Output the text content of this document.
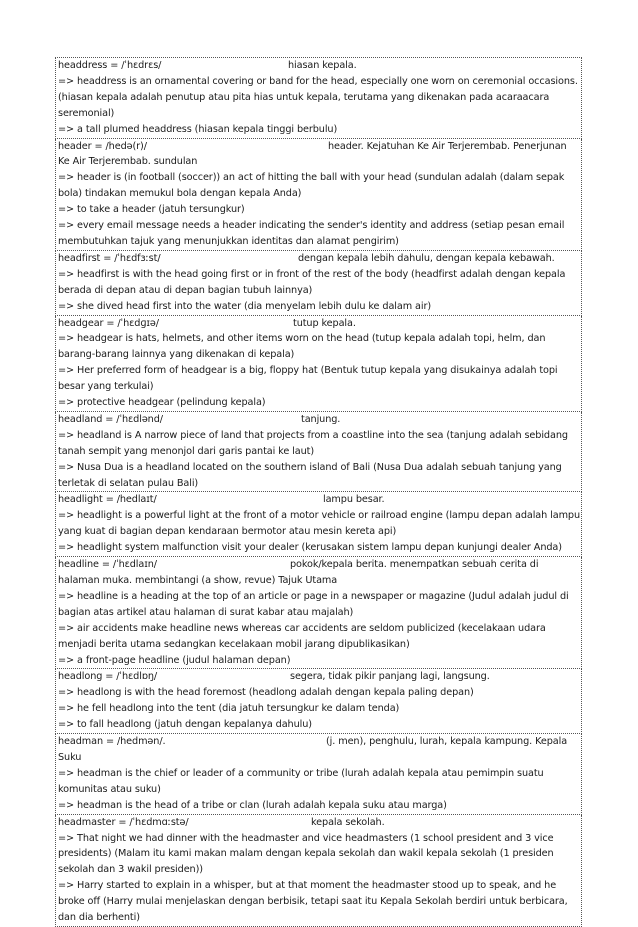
headdress = /ˈhɛdrɛs/	hiasan kepala.
=> headdress is an ornamental covering or band for the head, especially one worn on ceremonial occasions. (hiasan kepala adalah penutup atau pita hias untuk kepala, terutama yang dikenakan pada acaraacara seremonial)
=> a tall plumed headdress (hiasan kepala tinggi berbulu)
header = /hedə(r)/	header. Kejatuhan Ke Air Terjerembab. Penerjunan Ke Air Terjerembab. sundulan
=> header is (in football (soccer)) an act of hitting the ball with your head (sundulan adalah (dalam sepak bola) tindakan memukul bola dengan kepala Anda)
=> to take a header (jatuh tersungkur)
=> every email message needs a header indicating the sender's identity and address (setiap pesan email membutuhkan tajuk yang menunjukkan identitas dan alamat pengirim)
headfirst = /ˈhɛdfɜːst/	dengan kepala lebih dahulu, dengan kepala kebawah.
=> headfirst is with the head going first or in front of the rest of the body (headfirst adalah dengan kepala berada di depan atau di depan bagian tubuh lainnya)
=> she dived head first into the water (dia menyelam lebih dulu ke dalam air)
headgear = /ˈhɛdɡɪə/	tutup kepala.
=> headgear is hats, helmets, and other items worn on the head (tutup kepala adalah topi, helm, dan barang-barang lainnya yang dikenakan di kepala)
=> Her preferred form of headgear is a big, floppy hat (Bentuk tutup kepala yang disukainya adalah topi besar yang terkulai)
=> protective headgear (pelindung kepala)
headland = /ˈhɛdlənd/	tanjung.
=> headland is A narrow piece of land that projects from a coastline into the sea (tanjung adalah sebidang tanah sempit yang menonjol dari garis pantai ke laut)
=> Nusa Dua is a headland located on the southern island of Bali (Nusa Dua adalah sebuah tanjung yang terletak di selatan pulau Bali)
headlight = /hedlaɪt/	lampu besar.
=> headlight is a powerful light at the front of a motor vehicle or railroad engine (lampu depan adalah lampu yang kuat di bagian depan kendaraan bermotor atau mesin kereta api)
=> headlight system malfunction visit your dealer (kerusakan sistem lampu depan kunjungi dealer Anda)
headline = /ˈhɛdlaɪn/	pokok/kepala berita. menempatkan sebuah cerita di halaman muka. membintangi (a show, revue) Tajuk Utama
=> headline is a heading at the top of an article or page in a newspaper or magazine (Judul adalah judul di bagian atas artikel atau halaman di surat kabar atau majalah)
=> air accidents make headline news whereas car accidents are seldom publicized (kecelakaan udara menjadi berita utama sedangkan kecelakaan mobil jarang dipublikasikan)
=> a front-page headline (judul halaman depan)
headlong = /ˈhɛdlɒŋ/	segera, tidak pikir panjang lagi, langsung.
=> headlong is with the head foremost (headlong adalah dengan kepala paling depan)
=> he fell headlong into the tent (dia jatuh tersungkur ke dalam tenda)
=> to fall headlong (jatuh dengan kepalanya dahulu)
headman = /hedmən/.	(j. men), penghulu, lurah, kepala kampung. Kepala Suku
=> headman is the chief or leader of a community or tribe (lurah adalah kepala atau pemimpin suatu komunitas atau suku)
=> headman is the head of a tribe or clan (lurah adalah kepala suku atau marga)
headmaster = /ˈhɛdmɑːstə/	kepala sekolah.
=> That night we had dinner with the headmaster and vice headmasters (1 school president and 3 vice presidents) (Malam itu kami makan malam dengan kepala sekolah dan wakil kepala sekolah (1 presiden sekolah dan 3 wakil presiden))
=> Harry started to explain in a whisper, but at that moment the headmaster stood up to speak, and he broke off (Harry mulai menjelaskan dengan berbisik, tetapi saat itu Kepala Sekolah berdiri untuk berbicara, dan dia berhenti)
